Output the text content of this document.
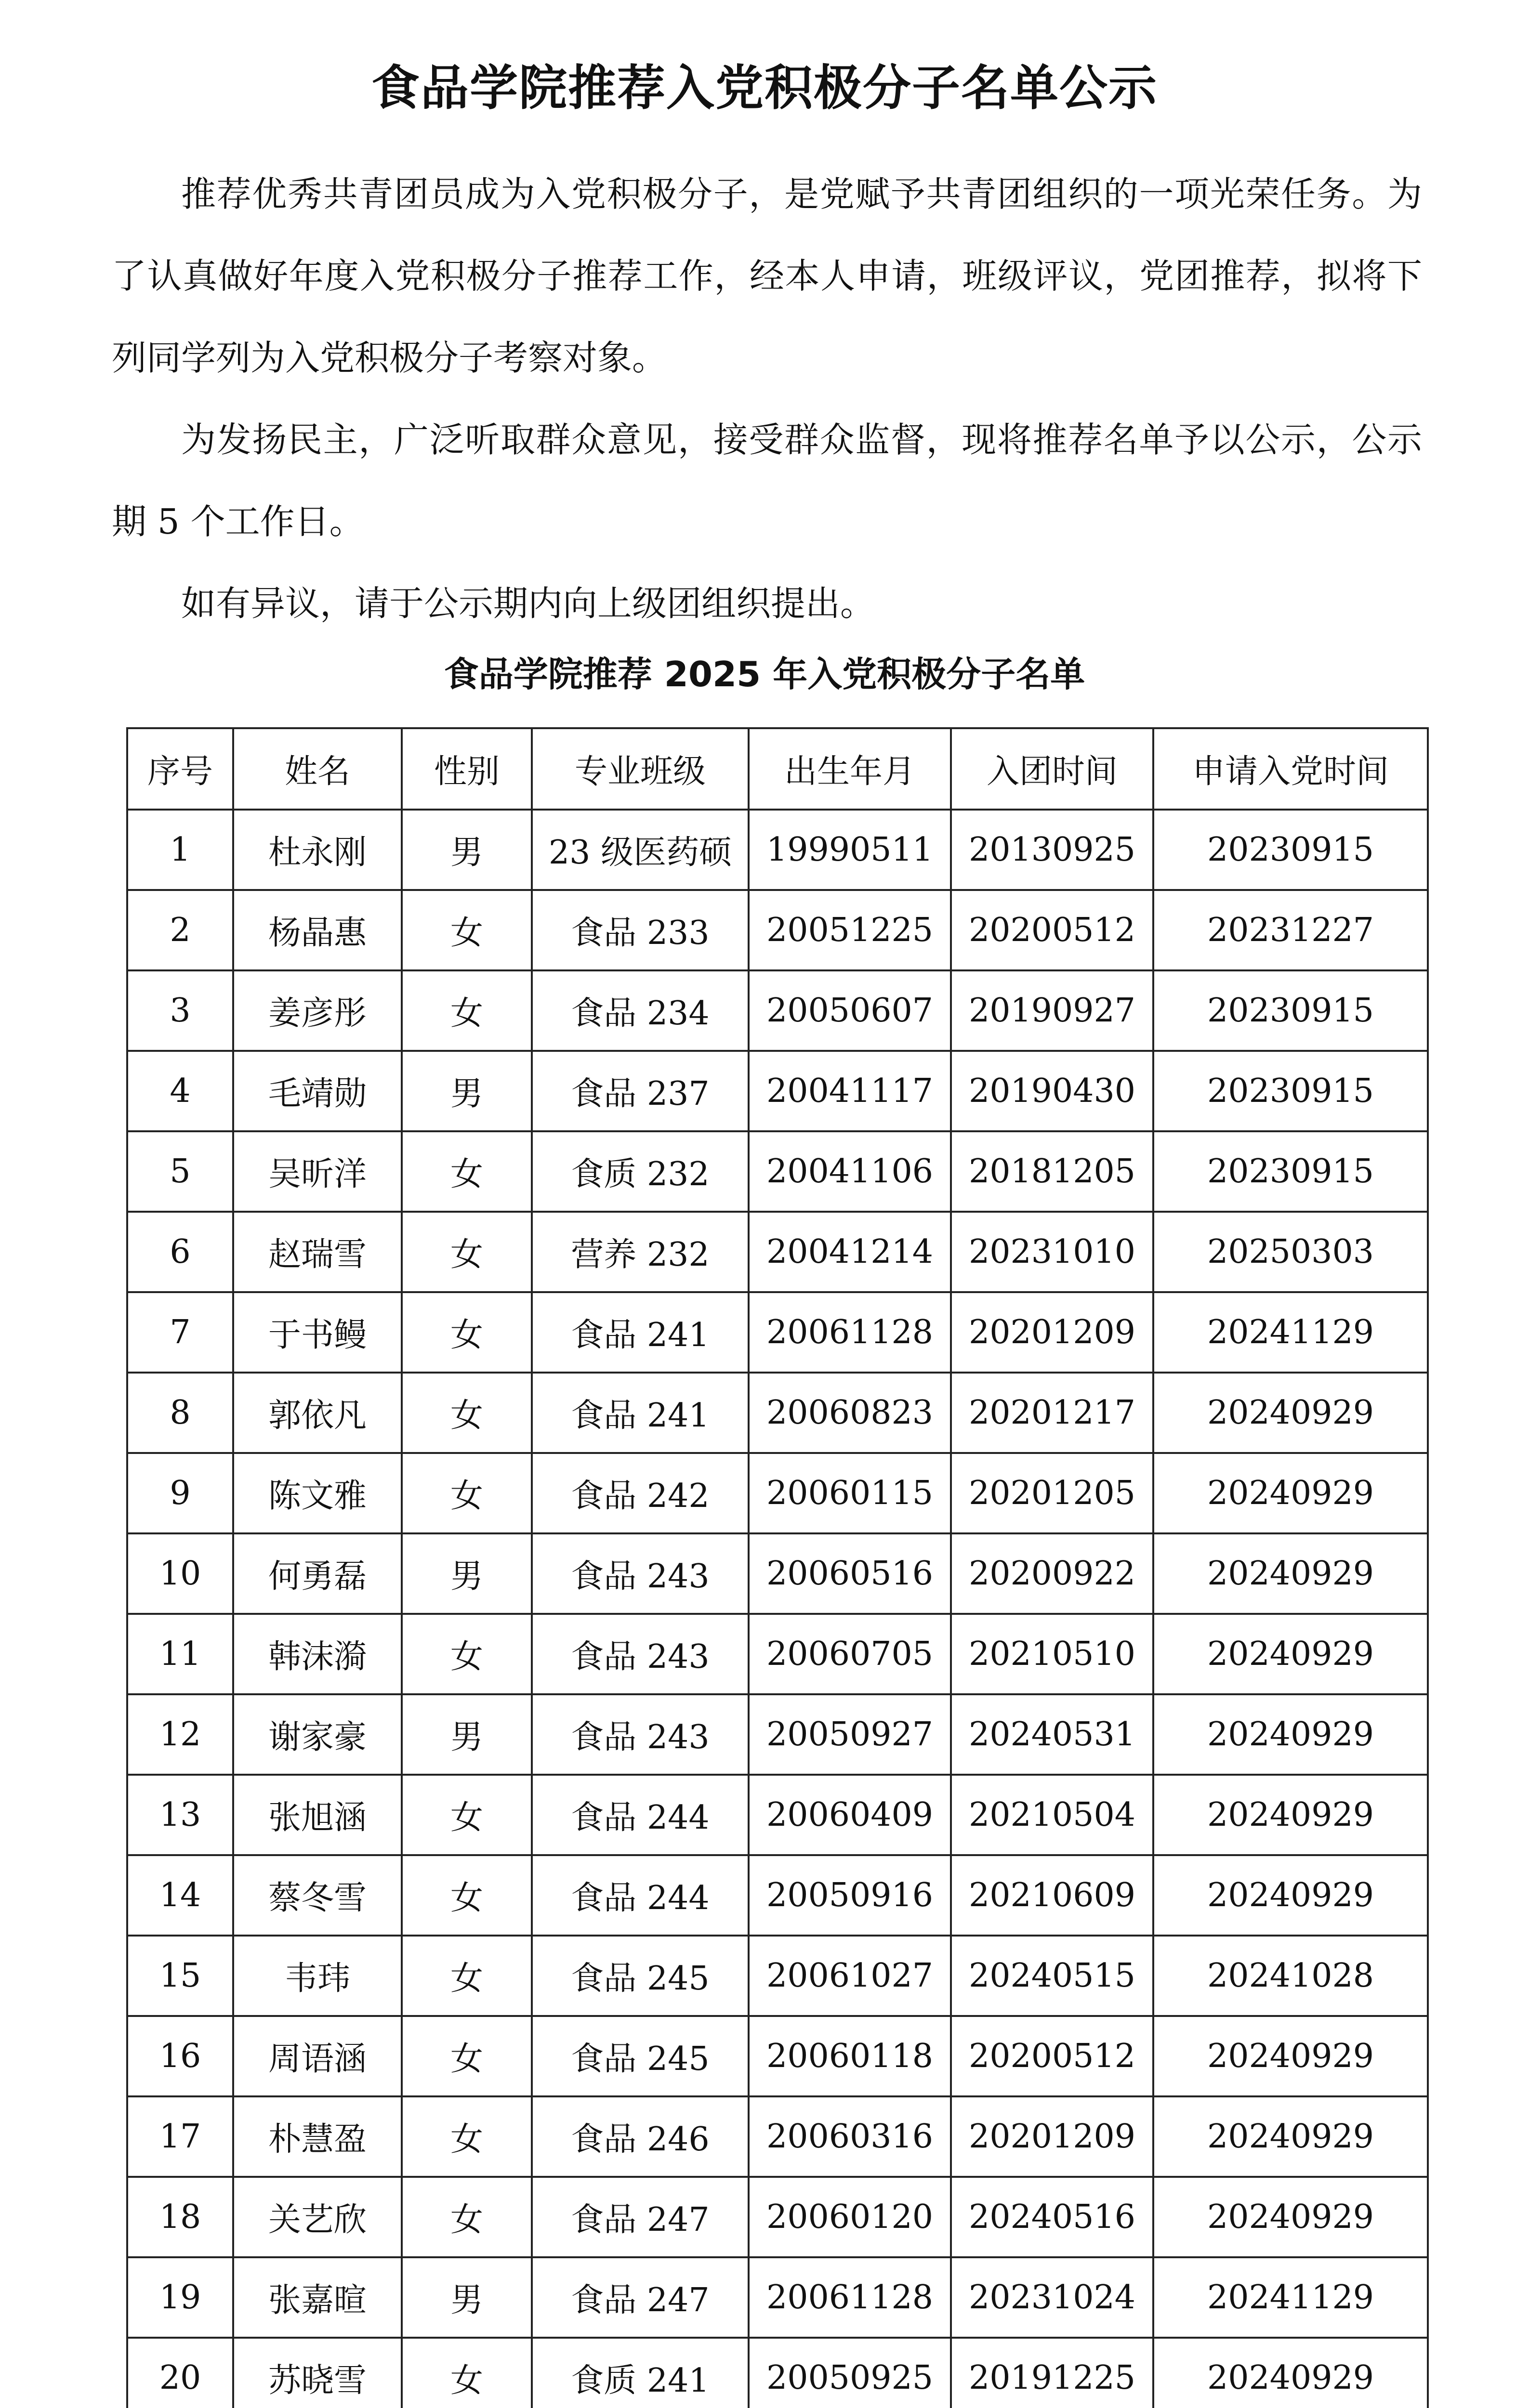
食品学院推荐入党积极分子名单公示

推荐优秀共青团员成为入党积极分子，是党赋予共青团组织的一项光荣任务。为了认真做好年度入党积极分子推荐工作，经本人申请，班级评议，党团推荐，拟将下列同学列为入党积极分子考察对象。

为发扬民主，广泛听取群众意见，接受群众监督，现将推荐名单予以公示，公示期 5 个工作日。

如有异议，请于公示期内向上级团组织提出。

食品学院推荐 2025 年入党积极分子名单
序号	姓名	性别	专业班级	出生年月	入团时间	申请入党时间
1	杜永刚	男	23 级医药硕	19990511	20130925	20230915
2	杨晶惠	女	食品 233	20051225	20200512	20231227
3	姜彦彤	女	食品 234	20050607	20190927	20230915
4	毛靖勋	男	食品 237	20041117	20190430	20230915
5	吴昕洋	女	食质 232	20041106	20181205	20230915
6	赵瑞雪	女	营养 232	20041214	20231010	20250303
7	于书鳗	女	食品 241	20061128	20201209	20241129
8	郭依凡	女	食品 241	20060823	20201217	20240929
9	陈文雅	女	食品 242	20060115	20201205	20240929
10	何勇磊	男	食品 243	20060516	20200922	20240929
11	韩沫漪	女	食品 243	20060705	20210510	20240929
12	谢家豪	男	食品 243	20050927	20240531	20240929
13	张旭涵	女	食品 244	20060409	20210504	20240929
14	蔡冬雪	女	食品 244	20050916	20210609	20240929
15	韦玮	女	食品 245	20061027	20240515	20241028
16	周语涵	女	食品 245	20060118	20200512	20240929
17	朴慧盈	女	食品 246	20060316	20201209	20240929
18	关艺欣	女	食品 247	20060120	20240516	20240929
19	张嘉暄	男	食品 247	20061128	20231024	20241129
20	苏晓雪	女	食质 241	20050925	20191225	20240929
